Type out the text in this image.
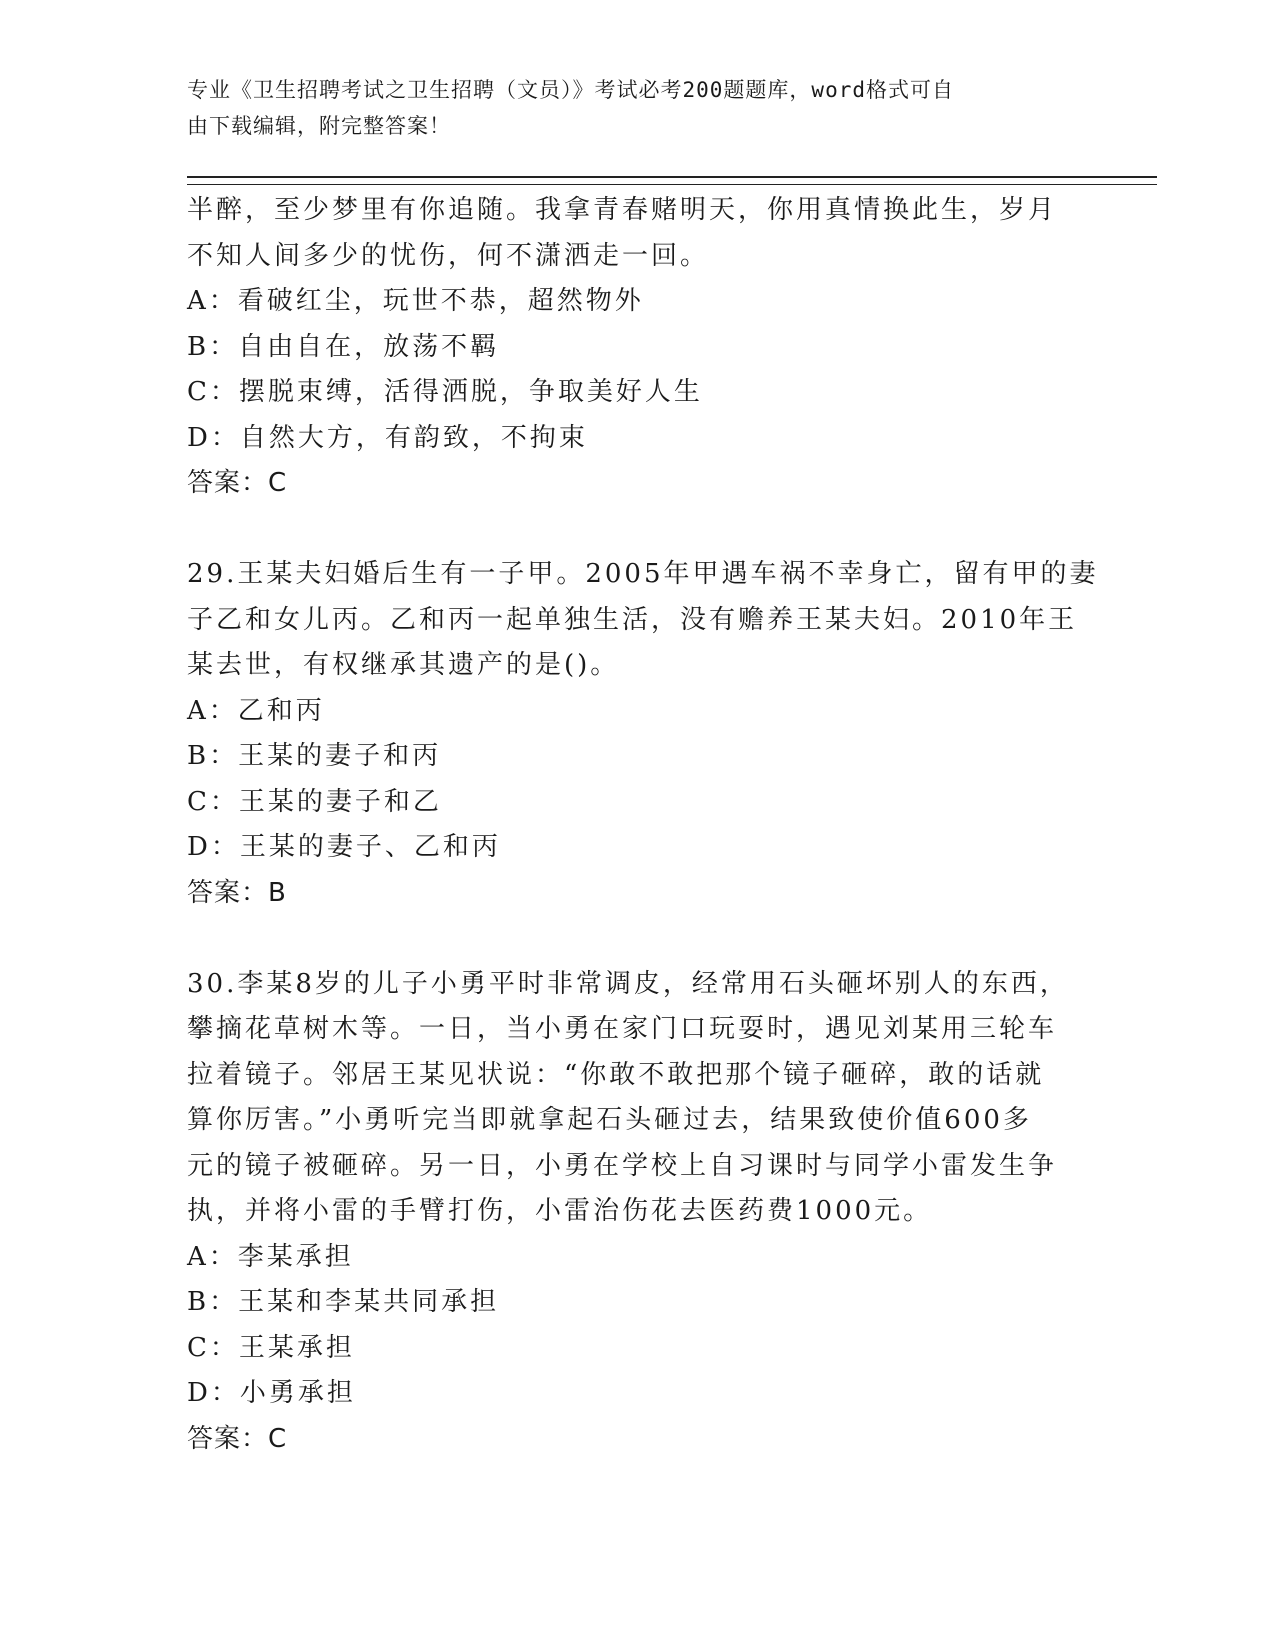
专业《卫生招聘考试之卫生招聘（文员）》考试必考200题题库，word格式可自
由下载编辑，附完整答案！
半醉，至少梦里有你追随。我拿青春赌明天，你用真情换此生，岁月
不知人间多少的忧伤，何不潇洒走一回。
A：看破红尘，玩世不恭，超然物外
B：自由自在，放荡不羁
C：摆脱束缚，活得洒脱，争取美好人生
D：自然大方，有韵致，不拘束
答案：C
29.王某夫妇婚后生有一子甲。2005年甲遇车祸不幸身亡，留有甲的妻
子乙和女儿丙。乙和丙一起单独生活，没有赡养王某夫妇。2010年王
某去世，有权继承其遗产的是()。
A：乙和丙
B：王某的妻子和丙
C：王某的妻子和乙
D：王某的妻子、乙和丙
答案：B
30.李某8岁的儿子小勇平时非常调皮，经常用石头砸坏别人的东西，
攀摘花草树木等。一日，当小勇在家门口玩耍时，遇见刘某用三轮车
拉着镜子。邻居王某见状说：“你敢不敢把那个镜子砸碎，敢的话就
算你厉害。”小勇听完当即就拿起石头砸过去，结果致使价值600多
元的镜子被砸碎。另一日，小勇在学校上自习课时与同学小雷发生争
执，并将小雷的手臂打伤，小雷治伤花去医药费1000元。
A：李某承担
B：王某和李某共同承担
C：王某承担
D：小勇承担
答案：C
